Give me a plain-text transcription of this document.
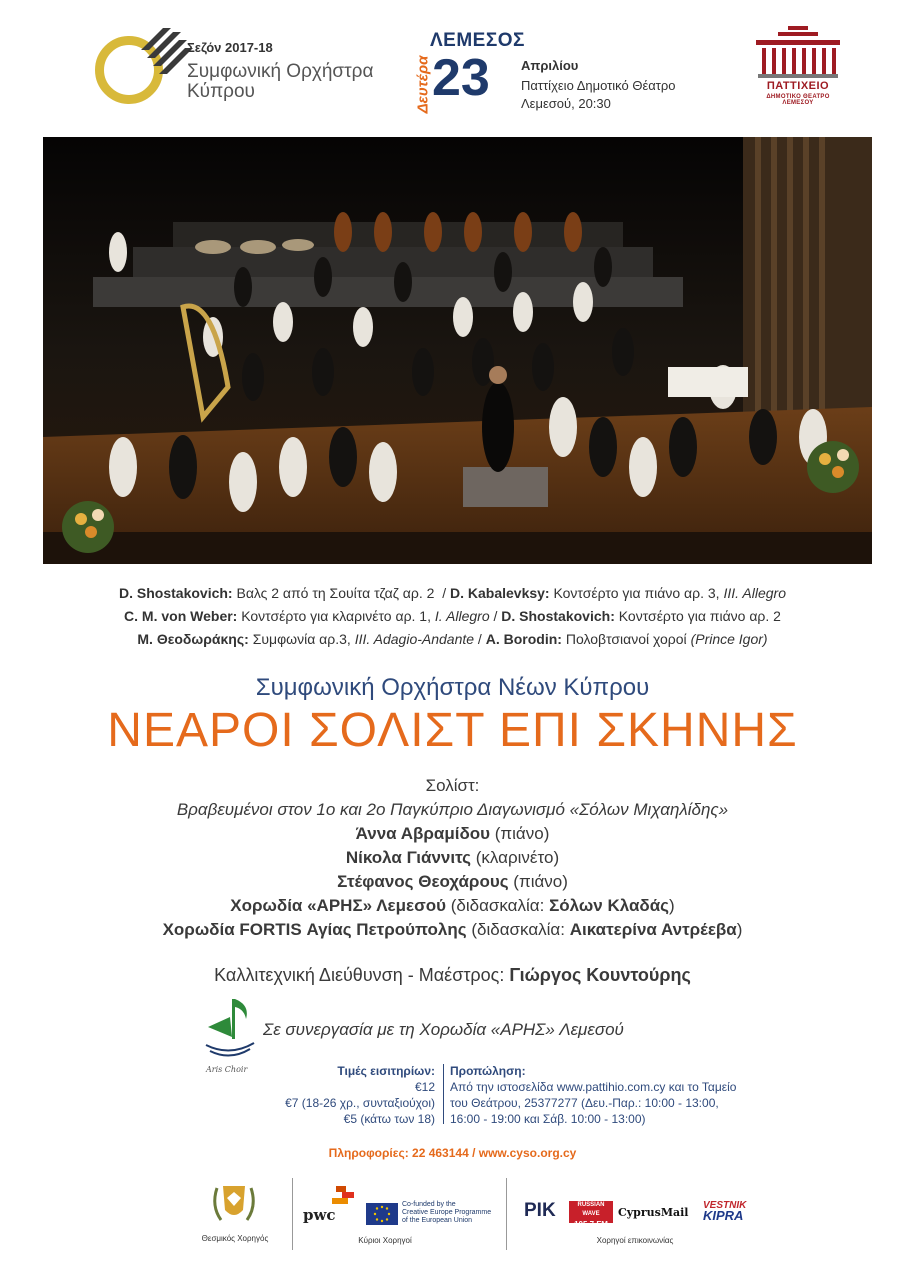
Σεζόν 2017-18
Συμφωνική Ορχήστρα
Κύπρου
ΛΕΜΕΣΟΣ
Δευτέρα 23 Απριλίου
Παττίχειο Δημοτικό Θέατρο
Λεμεσού, 20:30
ΠΑΤΤΙΧΕΙΟ
ΔΗΜΟΤΙΚΟ ΘΕΑΤΡΟ ΛΕΜΕΣΟΥ
D. Shostakovich: Βαλς 2 από τη Σουίτα τζαζ αρ. 2  / D. Kabalevksy: Κοντσέρτο για πιάνο αρ. 3, III. Allegro
C. M. von Weber: Κοντσέρτο για κλαρινέτο αρ. 1, I. Allegro / D. Shostakovich: Κοντσέρτο για πιάνο αρ. 2
Μ. Θεοδωράκης: Συμφωνία αρ.3, III. Adagio-Andante / A. Borodin: Πολοβτσιανοί χοροί (Prince Igor)
Συμφωνική Ορχήστρα Νέων Κύπρου
ΝΕΑΡΟΙ ΣΟΛΙΣΤ ΕΠΙ ΣΚΗΝΗΣ
Σολίστ:
Βραβευμένοι στον 1ο και 2ο Παγκύπριο Διαγωνισμό «Σόλων Μιχαηλίδης»
Άννα Αβραμίδου (πιάνο)
Νίκολα Γιάννιτς (κλαρινέτο)
Στέφανος Θεοχάρους (πιάνο)
Χορωδία «ΑΡΗΣ» Λεμεσού (διδασκαλία: Σόλων Κλαδάς)
Χορωδία FORTIS Αγίας Πετρούπολης (διδασκαλία: Αικατερίνα Αντρέεβα)
Καλλιτεχνική Διεύθυνση - Μαέστρος: Γιώργος Κουντούρης
Aris Choir
Σε συνεργασία με τη Χορωδία «ΑΡΗΣ» Λεμεσού
Τιμές εισιτηρίων:
€12
€7 (18-26 χρ., συνταξιούχοι)
€5 (κάτω των 18)
Προπώληση:
Από την ιστοσελίδα www.pattihio.com.cy και το Ταμείο
του Θεάτρου, 25377277 (Δευ.-Παρ.: 10:00 - 13:00,
16:00 - 19:00 και Σάβ. 10:00 - 13:00)
Πληροφορίες: 22 463144 / www.cyso.org.cy
Θεσμικός Χορηγός
pwc
Co-funded by the
Creative Europe Programme
of the European Union
Κύριοι Χορηγοί
ΡΙΚ	RUSSIAN WAVE
105.7 FM
CyprusMail
VESTNIK
KIPRA
Χορηγοί επικοινωνίας
